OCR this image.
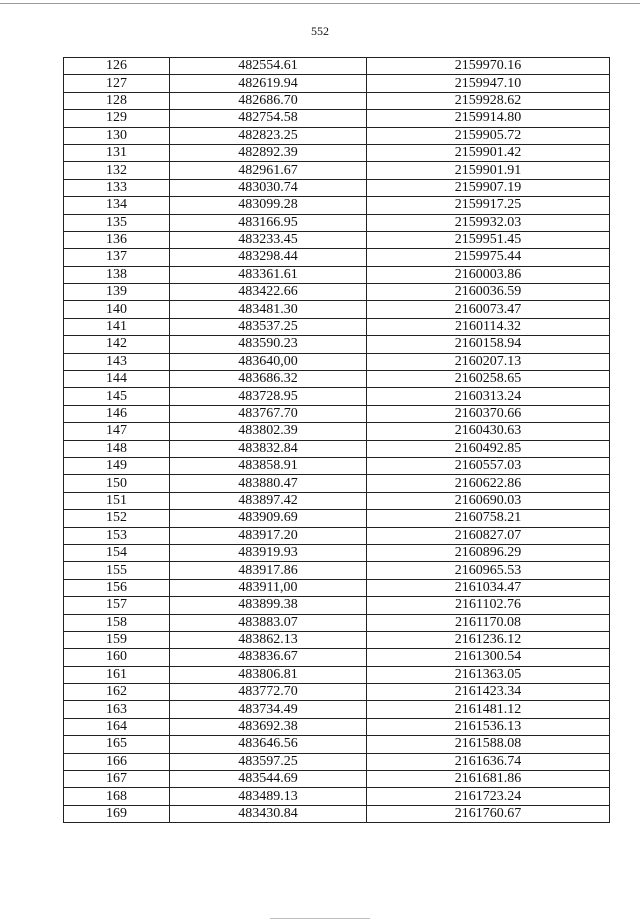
552
126	482554.61	2159970.16
127	482619.94	2159947.10
128	482686.70	2159928.62
129	482754.58	2159914.80
130	482823.25	2159905.72
131	482892.39	2159901.42
132	482961.67	2159901.91
133	483030.74	2159907.19
134	483099.28	2159917.25
135	483166.95	2159932.03
136	483233.45	2159951.45
137	483298.44	2159975.44
138	483361.61	2160003.86
139	483422.66	2160036.59
140	483481.30	2160073.47
141	483537.25	2160114.32
142	483590.23	2160158.94
143	483640,00	2160207.13
144	483686.32	2160258.65
145	483728.95	2160313.24
146	483767.70	2160370.66
147	483802.39	2160430.63
148	483832.84	2160492.85
149	483858.91	2160557.03
150	483880.47	2160622.86
151	483897.42	2160690.03
152	483909.69	2160758.21
153	483917.20	2160827.07
154	483919.93	2160896.29
155	483917.86	2160965.53
156	483911,00	2161034.47
157	483899.38	2161102.76
158	483883.07	2161170.08
159	483862.13	2161236.12
160	483836.67	2161300.54
161	483806.81	2161363.05
162	483772.70	2161423.34
163	483734.49	2161481.12
164	483692.38	2161536.13
165	483646.56	2161588.08
166	483597.25	2161636.74
167	483544.69	2161681.86
168	483489.13	2161723.24
169	483430.84	2161760.67
